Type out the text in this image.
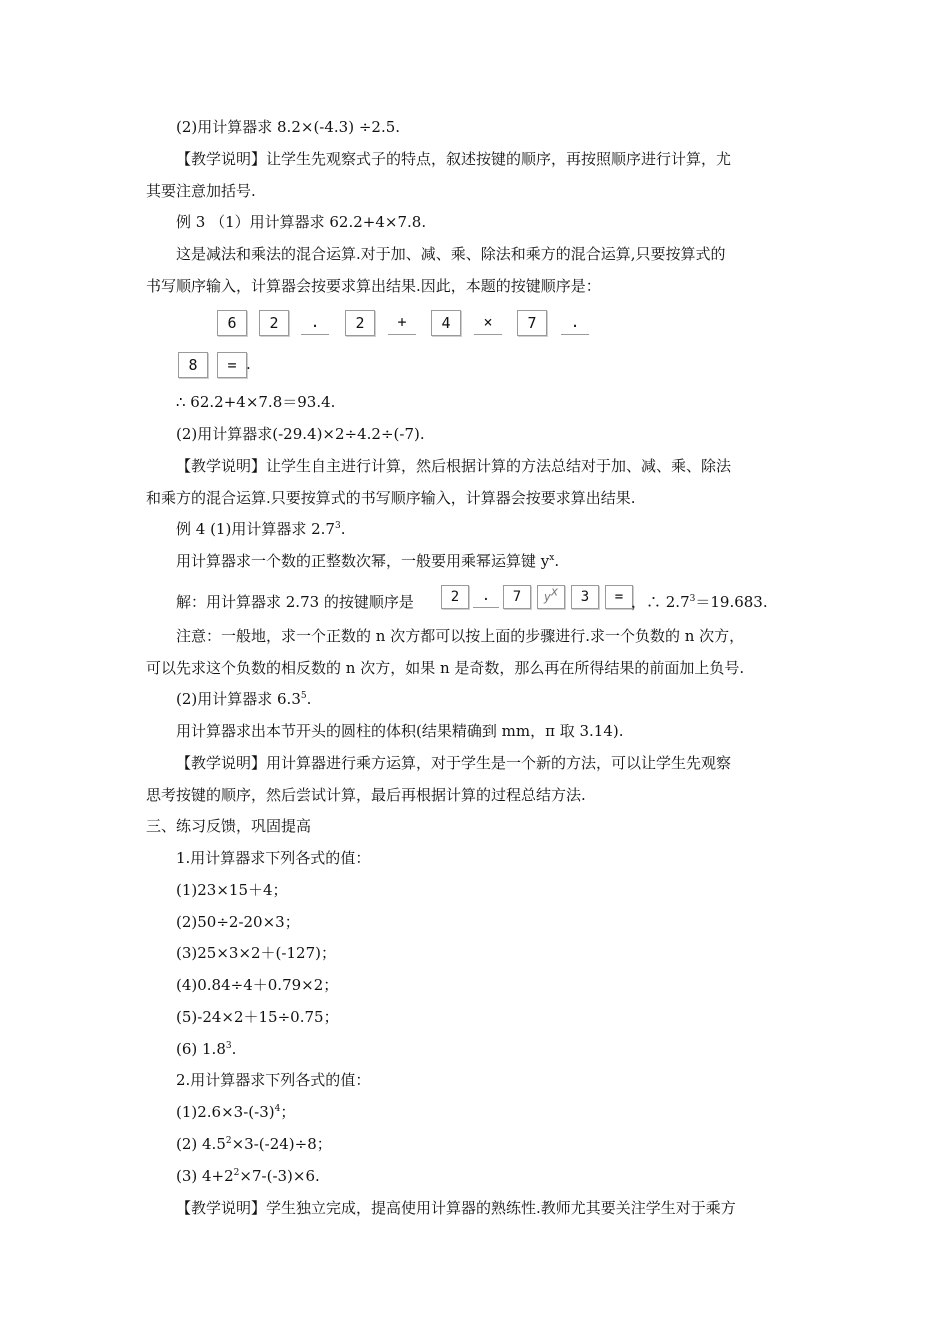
(2)用计算器求 8.2×(-4.3) ÷2.5.
【教学说明】让学生先观察式子的特点，叙述按键的顺序，再按照顺序进行计算，尤
其要注意加括号.
例 3 （1）用计算器求 62.2+4×7.8.
这是减法和乘法的混合运算.对于加、减、乘、除法和乘方的混合运算,只要按算式的
书写顺序输入，计算器会按要求算出结果.因此，本题的按键顺序是：
6	2	.	2	+	4	×	7	.
8	= .
∴ 62.2+4×7.8＝93.4.
(2)用计算器求(-29.4)×2÷4.2÷(-7).
【教学说明】让学生自主进行计算，然后根据计算的方法总结对于加、减、乘、除法
和乘方的混合运算.只要按算式的书写顺序输入，计算器会按要求算出结果.
例 4 (1)用计算器求 $2.7^3$.
用计算器求一个数的正整数次幂，一般要用乘幂运算键 $y^x$.
解：用计算器求 2.73 的按键顺序是	2	.	7	$y^x$	3	= ，∴ $2.7^3=19.683$.
注意：一般地，求一个正数的 n 次方都可以按上面的步骤进行.求一个负数的 n 次方，
可以先求这个负数的相反数的 n 次方，如果 n 是奇数，那么再在所得结果的前面加上负号.
(2)用计算器求 $6.3^5$.
用计算器求出本节开头的圆柱的体积(结果精确到 mm，π 取 3.14).
【教学说明】用计算器进行乘方运算，对于学生是一个新的方法，可以让学生先观察
思考按键的顺序，然后尝试计算，最后再根据计算的过程总结方法.
三、练习反馈，巩固提高
1.用计算器求下列各式的值：
(1)23×15＋4；
(2)50÷2-20×3；
(3)25×3×2＋(-127)；
(4)0.84÷4＋0.79×2；
(5)-24×2＋15÷0.75；
(6) $1.8^3$.
2.用计算器求下列各式的值：
$(1)2.6\times 3-(-3)^4$；
(2) $4.5^2\times 3-(-24)\div 8$；
(3) $4+2^2\times 7-(-3)\times 6$.
【教学说明】学生独立完成，提高使用计算器的熟练性.教师尤其要关注学生对于乘方
